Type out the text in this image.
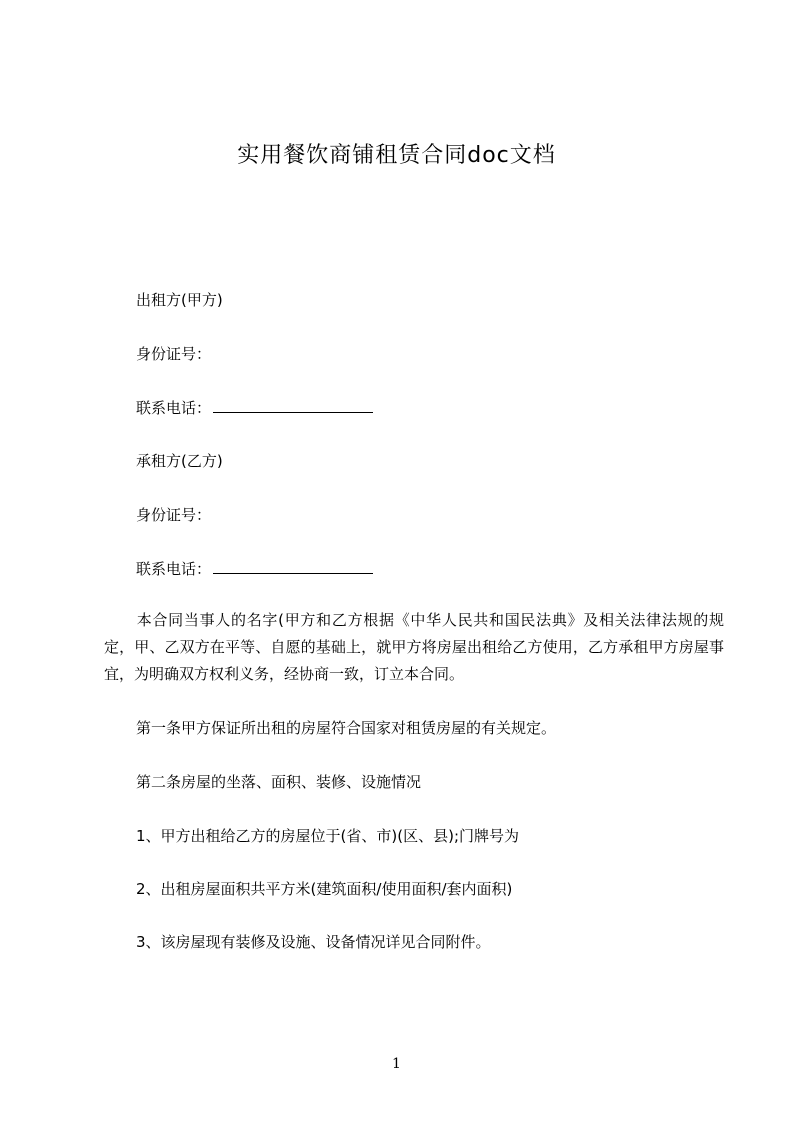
实用餐饮商铺租赁合同doc文档
出租方(甲方)
身份证号：
联系电话：
承租方(乙方)
身份证号：
联系电话：
本合同当事人的名字(甲方和乙方根据《中华人民共和国民法典》及相关法律法规的规定，甲、乙双方在平等、自愿的基础上，就甲方将房屋出租给乙方使用，乙方承租甲方房屋事宜，为明确双方权利义务，经协商一致，订立本合同。
第一条甲方保证所出租的房屋符合国家对租赁房屋的有关规定。
第二条房屋的坐落、面积、装修、设施情况
1、甲方出租给乙方的房屋位于(省、市)(区、县);门牌号为
2、出租房屋面积共平方米(建筑面积/使用面积/套内面积)
3、该房屋现有装修及设施、设备情况详见合同附件。
1
